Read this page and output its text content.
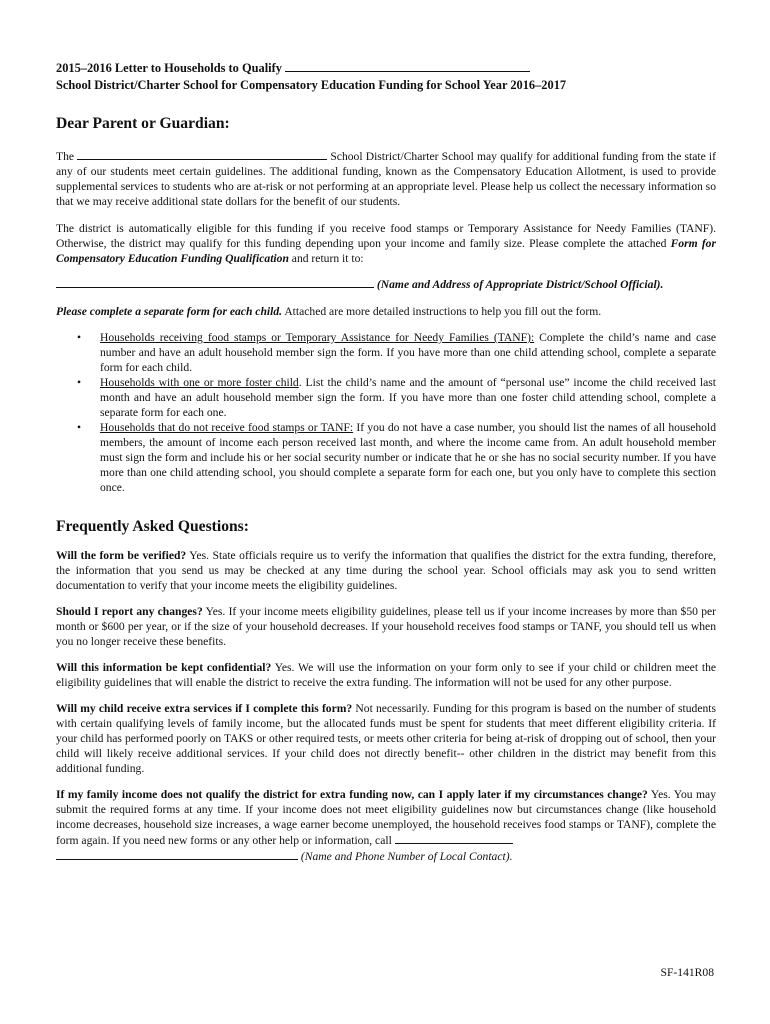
2015–2016 Letter to Households to Qualify
School District/Charter School for Compensatory Education Funding for School Year 2016–2017
Dear Parent or Guardian:

The	School District/Charter School may qualify for additional funding from the state if any of our students meet certain guidelines. The additional funding, known as the Compensatory Education Allotment, is used to provide supplemental services to students who are at-risk or not performing at an appropriate level. Please help us collect the necessary information so that we may receive additional state dollars for the benefit of our students.

The district is automatically eligible for this funding if you receive food stamps or Temporary Assistance for Needy Families (TANF). Otherwise, the district may qualify for this funding depending upon your income and family size. Please complete the attached Form for Compensatory Education Funding Qualification and return it to:

(Name and Address of Appropriate District/School Official).

Please complete a separate form for each child. Attached are more detailed instructions to help you fill out the form.

• Households receiving food stamps or Temporary Assistance for Needy Families (TANF): Complete the child’s name and case number and have an adult household member sign the form. If you have more than one child attending school, complete a separate form for each child.
• Households with one or more foster child. List the child’s name and the amount of “personal use” income the child received last month and have an adult household member sign the form. If you have more than one foster child attending school, complete a separate form for each one.
• Households that do not receive food stamps or TANF: If you do not have a case number, you should list the names of all household members, the amount of income each person received last month, and where the income came from. An adult household member must sign the form and include his or her social security number or indicate that he or she has no social security number. If you have more than one child attending school, you should complete a separate form for each one, but you only have to complete this section once.
Frequently Asked Questions:

Will the form be verified? Yes. State officials require us to verify the information that qualifies the district for the extra funding, therefore, the information that you send us may be checked at any time during the school year. School officials may ask you to send written documentation to verify that your income meets the eligibility guidelines.

Should I report any changes? Yes. If your income meets eligibility guidelines, please tell us if your income increases by more than $50 per month or $600 per year, or if the size of your household decreases. If your household receives food stamps or TANF, you should tell us when you no longer receive these benefits.

Will this information be kept confidential? Yes. We will use the information on your form only to see if your child or children meet the eligibility guidelines that will enable the district to receive the extra funding. The information will not be used for any other purpose.

Will my child receive extra services if I complete this form? Not necessarily. Funding for this program is based on the number of students with certain qualifying levels of family income, but the allocated funds must be spent for students that meet different eligibility criteria. If your child has performed poorly on TAKS or other required tests, or meets other criteria for being at-risk of dropping out of school, then your child will likely receive additional services. If your child does not directly benefit-- other children in the district may benefit from this additional funding.

If my family income does not qualify the district for extra funding now, can I apply later if my circumstances change? Yes. You may submit the required forms at any time. If your income does not meet eligibility guidelines now but circumstances change (like household income decreases, household size increases, a wage earner become unemployed, the household receives food stamps or TANF), complete the form again. If you need new forms or any other help or information, call

(Name and Phone Number of Local Contact).

SF-141R08
